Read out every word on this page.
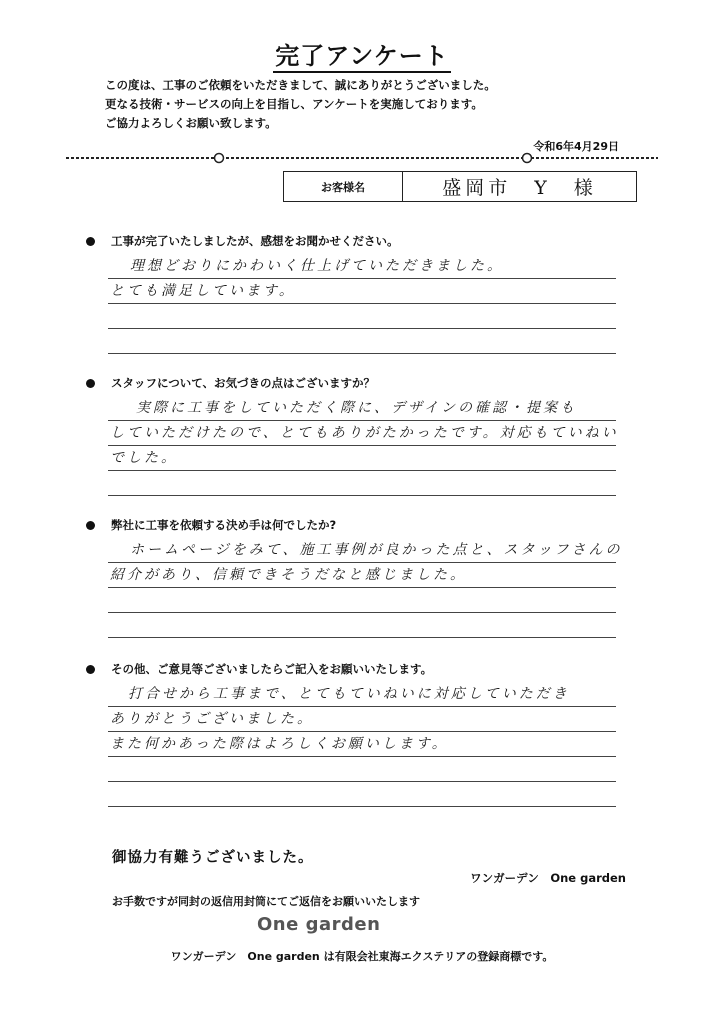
完了アンケート
この度は、工事のご依頼をいただきまして、誠にありがとうございました。
更なる技術・サービスの向上を目指し、アンケートを実施しております。
ご協力よろしくお願い致します。
令和6年4月29日
お客様名	盛岡市　Y　様
工事が完了いたしましたが、感想をお聞かせください。
理想どおりにかわいく仕上げていただきました。
とても満足しています。
スタッフについて、お気づきの点はございますか？
実際に工事をしていただく際に、デザインの確認・提案も
していただけたので、とてもありがたかったです。対応もていねい
でした。
弊社に工事を依頼する決め手は何でしたか?
ホームページをみて、施工事例が良かった点と、スタッフさんの
紹介があり、信頼できそうだなと感じました。
その他、ご意見等ございましたらご記入をお願いいたします。
打合せから工事まで、とてもていねいに対応していただき
ありがとうございました。
また何かあった際はよろしくお願いします。
御協力有難うございました。
ワンガーデン　One garden
お手数ですが同封の返信用封筒にてご返信をお願いいたします
One garden
ワンガーデン　One garden は有限会社東海エクステリアの登録商標です。
